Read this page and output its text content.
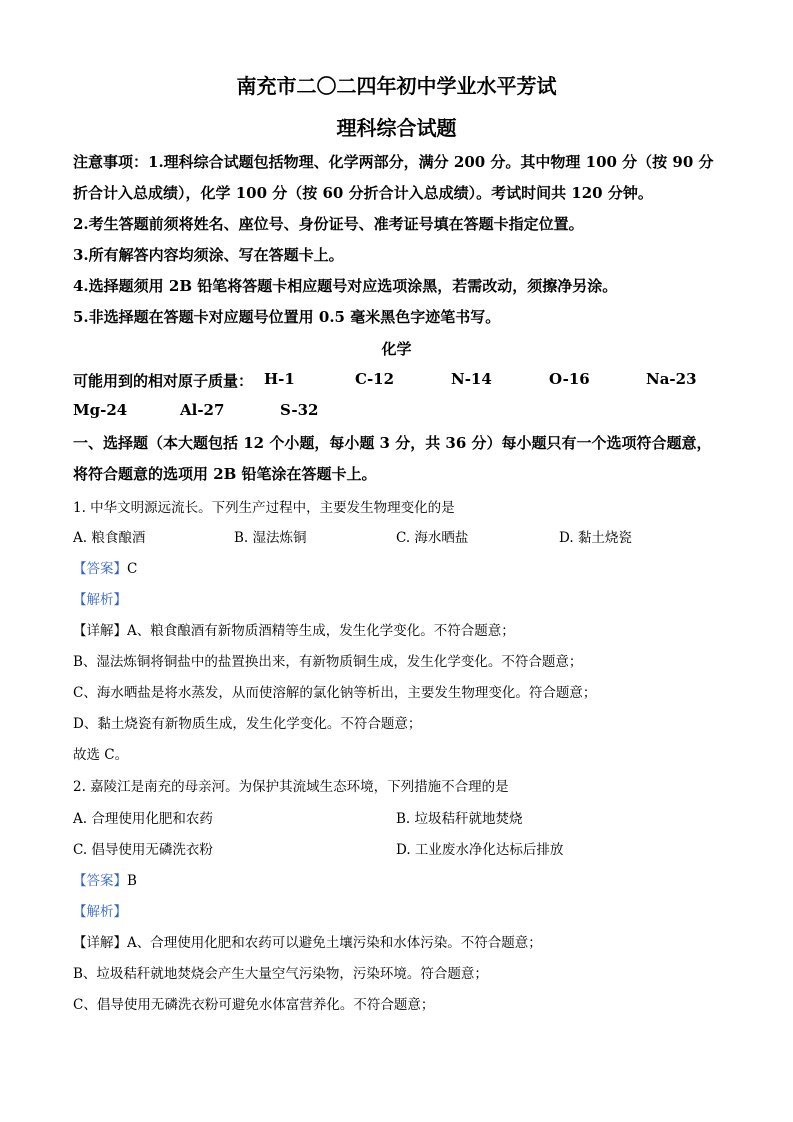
南充市二〇二四年初中学业水平芳试
理科综合试题
注意事项：1.理科综合试题包括物理、化学两部分，满分 200 分。其中物理 100 分（按 90 分
折合计入总成绩），化学 100 分（按 60 分折合计入总成绩）。考试时间共 120 分钟。
2.考生答题前须将姓名、座位号、身份证号、准考证号填在答题卡指定位置。
3.所有解答内容均须涂、写在答题卡上。
4.选择题须用 2B 铅笔将答题卡相应题号对应选项涂黑，若需改动，须擦净另涂。
5.非选择题在答题卡对应题号位置用 0.5 毫米黑色字迹笔书写。
化学
可能用到的相对原子质量： H-1	C-12	N-14	O-16	Na-23
Mg-24	Al-27	S-32
一、选择题（本大题包括 12 个小题，每小题 3 分，共 36 分）每小题只有一个选项符合题意，
将符合题意的选项用 2B 铅笔涂在答题卡上。
1. 中华文明源远流长。下列生产过程中，主要发生物理变化的是
A. 粮食酿酒	B. 湿法炼铜	C. 海水晒盐	D. 黏土烧瓷
【答案】C
【解析】
【详解】A、粮食酿酒有新物质酒精等生成，发生化学变化。不符合题意；
B、湿法炼铜将铜盐中的盐置换出来，有新物质铜生成，发生化学变化。不符合题意；
C、海水晒盐是将水蒸发，从而使溶解的氯化钠等析出，主要发生物理变化。符合题意；
D、黏土烧瓷有新物质生成，发生化学变化。不符合题意；
故选 C。
2. 嘉陵江是南充的母亲河。为保护其流域生态环境，下列措施不合理的是
A. 合理使用化肥和农药	B. 垃圾秸秆就地焚烧
C. 倡导使用无磷洗衣粉	D. 工业废水净化达标后排放
【答案】B
【解析】
【详解】A、合理使用化肥和农药可以避免土壤污染和水体污染。不符合题意；
B、垃圾秸秆就地焚烧会产生大量空气污染物，污染环境。符合题意；
C、倡导使用无磷洗衣粉可避免水体富营养化。不符合题意；
